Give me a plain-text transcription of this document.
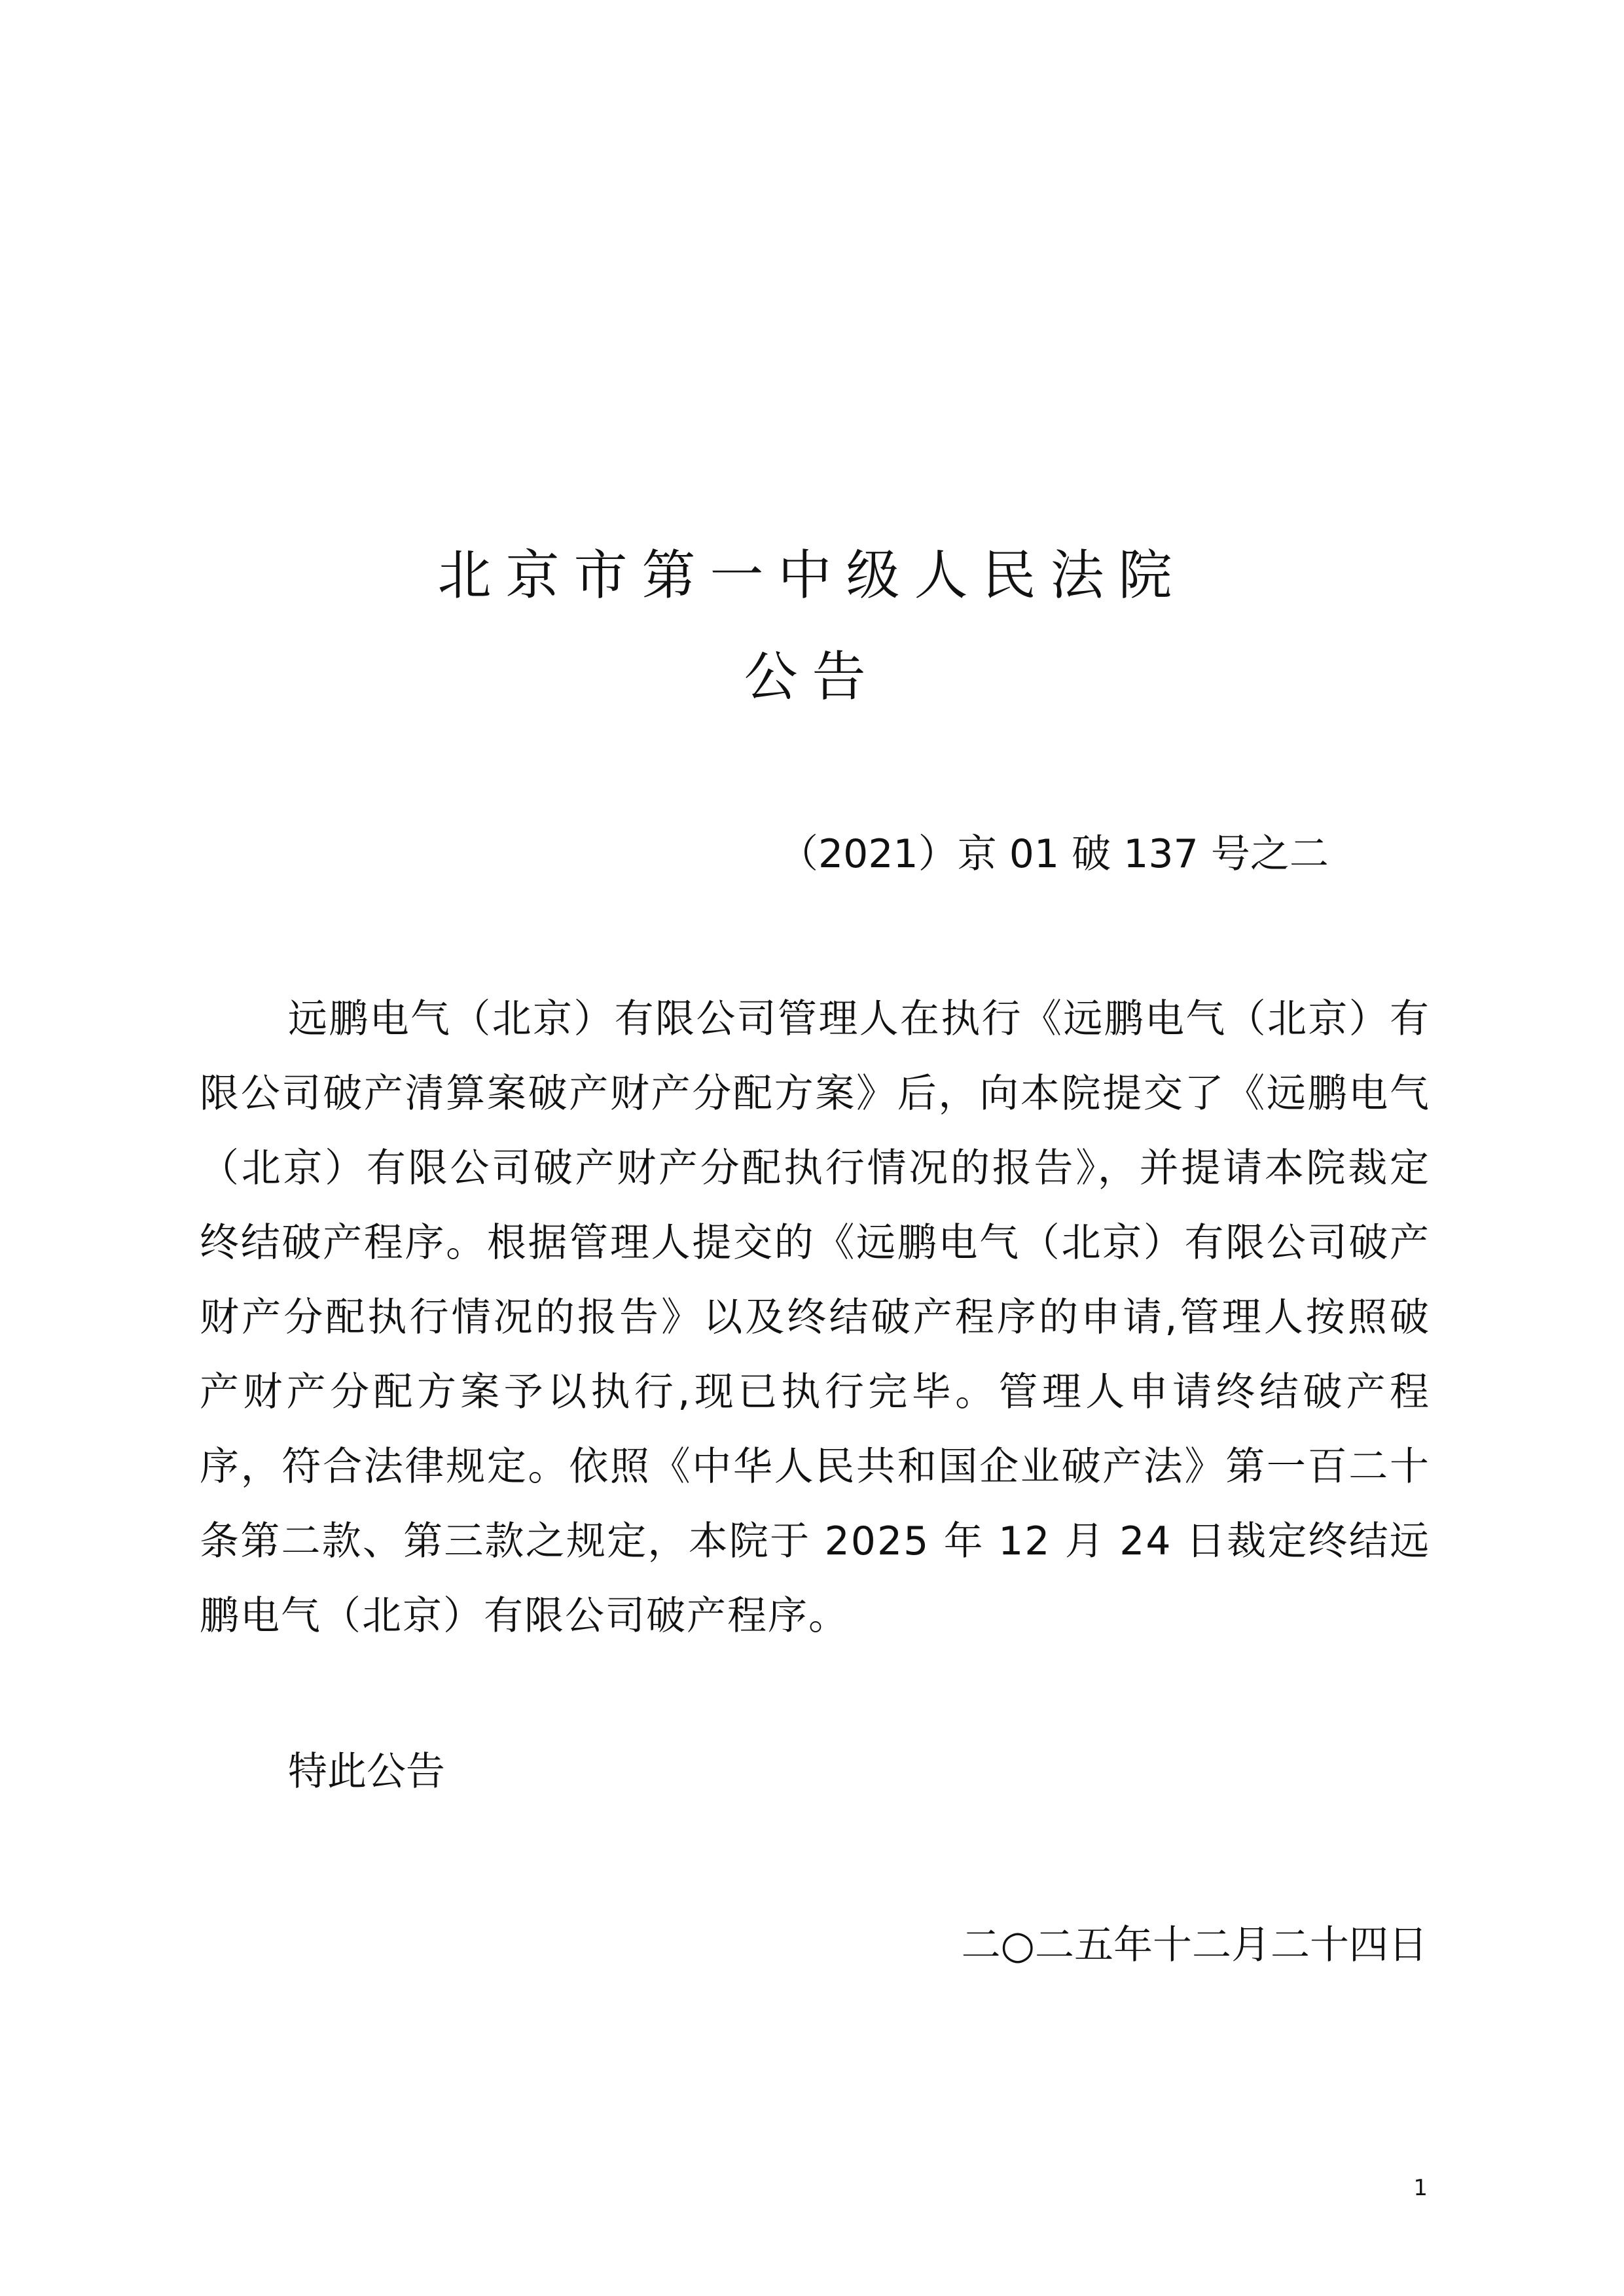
北京市第一中级人民法院
公告

（2021）京 01 破 137 号之二

远鹏电气（北京）有限公司管理人在执行《远鹏电气（北京）有限公司破产清算案破产财产分配方案》后，向本院提交了《远鹏电气（北京）有限公司破产财产分配执行情况的报告》，并提请本院裁定终结破产程序。根据管理人提交的《远鹏电气（北京）有限公司破产财产分配执行情况的报告》以及终结破产程序的申请,管理人按照破产财产分配方案予以执行,现已执行完毕。管理人申请终结破产程序，符合法律规定。依照《中华人民共和国企业破产法》第一百二十条第二款、第三款之规定，本院于 2025 年 12 月 24 日裁定终结远鹏电气（北京）有限公司破产程序。

特此公告

二○二五年十二月二十四日

1
